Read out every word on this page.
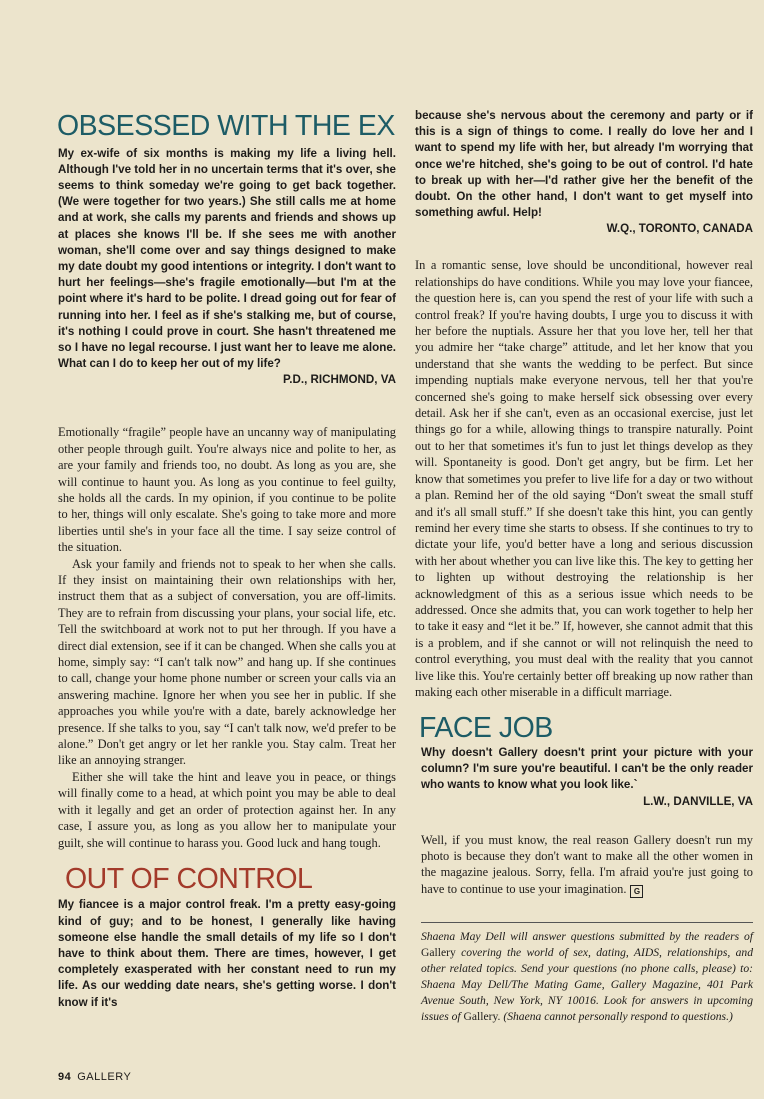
OBSESSED WITH THE EX

My ex-wife of six months is making my life a living hell. Although I've told her in no uncertain terms that it's over, she seems to think someday we're going to get back together. (We were together for two years.) She still calls me at home and at work, she calls my parents and friends and shows up at places she knows I'll be. If she sees me with another woman, she'll come over and say things designed to make my date doubt my good intentions or integrity. I don't want to hurt her feelings—she's fragile emotionally—but I'm at the point where it's hard to be polite. I dread going out for fear of running into her. I feel as if she's stalking me, but of course, it's nothing I could prove in court. She hasn't threatened me so I have no legal recourse. I just want her to leave me alone. What can I do to keep her out of my life?

P.D., RICHMOND, VA

Emotionally “fragile” people have an uncanny way of manipulating other people through guilt. You're always nice and polite to her, as are your family and friends too, no doubt. As long as you are, she will continue to haunt you. As long as you continue to feel guilty, she holds all the cards. In my opinion, if you continue to be polite to her, things will only escalate. She's going to take more and more liberties until she's in your face all the time. I say seize control of the situation.

Ask your family and friends not to speak to her when she calls. If they insist on maintaining their own relationships with her, instruct them that as a subject of conversation, you are off-limits. They are to refrain from discussing your plans, your social life, etc. Tell the switchboard at work not to put her through. If you have a direct dial extension, see if it can be changed. When she calls you at home, simply say: “I can't talk now” and hang up. If she continues to call, change your home phone number or screen your calls via an answering machine. Ignore her when you see her in public. If she approaches you while you're with a date, barely acknowledge her presence. If she talks to you, say “I can't talk now, we'd prefer to be alone.” Don't get angry or let her rankle you. Stay calm. Treat her like an annoying stranger.

Either she will take the hint and leave you in peace, or things will finally come to a head, at which point you may be able to deal with it legally and get an order of protection against her. In any case, I assure you, as long as you allow her to manipulate your guilt, she will continue to harass you. Good luck and hang tough.

OUT OF CONTROL

My fiancee is a major control freak. I'm a pretty easy-going kind of guy; and to be honest, I generally like having someone else handle the small details of my life so I don't have to think about them. There are times, however, I get completely exasperated with her constant need to run my life. As our wedding date nears, she's getting worse. I don't know if it's

because she's nervous about the ceremony and party or if this is a sign of things to come. I really do love her and I want to spend my life with her, but already I'm worrying that once we're hitched, she's going to be out of control. I'd hate to break up with her—I'd rather give her the benefit of the doubt. On the other hand, I don't want to get myself into something awful. Help!

W.Q., TORONTO, CANADA

In a romantic sense, love should be unconditional, however real relationships do have conditions. While you may love your fiancee, the question here is, can you spend the rest of your life with such a control freak? If you're having doubts, I urge you to discuss it with her before the nuptials. Assure her that you love her, tell her that you admire her “take charge” attitude, and let her know that you understand that she wants the wedding to be perfect. But since impending nuptials make everyone nervous, tell her that you're concerned she's going to make herself sick obsessing over every detail. Ask her if she can't, even as an occasional exercise, just let things go for a while, allowing things to transpire naturally. Point out to her that sometimes it's fun to just let things develop as they will. Spontaneity is good. Don't get angry, but be firm. Let her know that sometimes you prefer to live life for a day or two without a plan. Remind her of the old saying “Don't sweat the small stuff and it's all small stuff.” If she doesn't take this hint, you can gently remind her every time she starts to obsess. If she continues to try to dictate your life, you'd better have a long and serious discussion with her about whether you can live like this. The key to getting her to lighten up without destroying the relationship is her acknowledgment of this as a serious issue which needs to be addressed. Once she admits that, you can work together to help her to take it easy and “let it be.” If, however, she cannot admit that this is a problem, and if she cannot or will not relinquish the need to control everything, you must deal with the reality that you cannot live like this. You're certainly better off breaking up now rather than making each other miserable in a difficult marriage.

FACE JOB

Why doesn't Gallery doesn't print your picture with your column? I'm sure you're beautiful. I can't be the only reader who wants to know what you look like.`

L.W., DANVILLE, VA

Well, if you must know, the real reason Gallery doesn't run my photo is because they don't want to make all the other women in the magazine jealous. Sorry, fella. I'm afraid you're just going to have to continue to use your imagination. G

Shaena May Dell will answer questions submitted by the readers of Gallery covering the world of sex, dating, AIDS, relationships, and other related topics. Send your questions (no phone calls, please) to: Shaena May Dell/The Mating Game, Gallery Magazine, 401 Park Avenue South, New York, NY 10016. Look for answers in upcoming issues of Gallery. (Shaena cannot personally respond to questions.)

94 GALLERY
